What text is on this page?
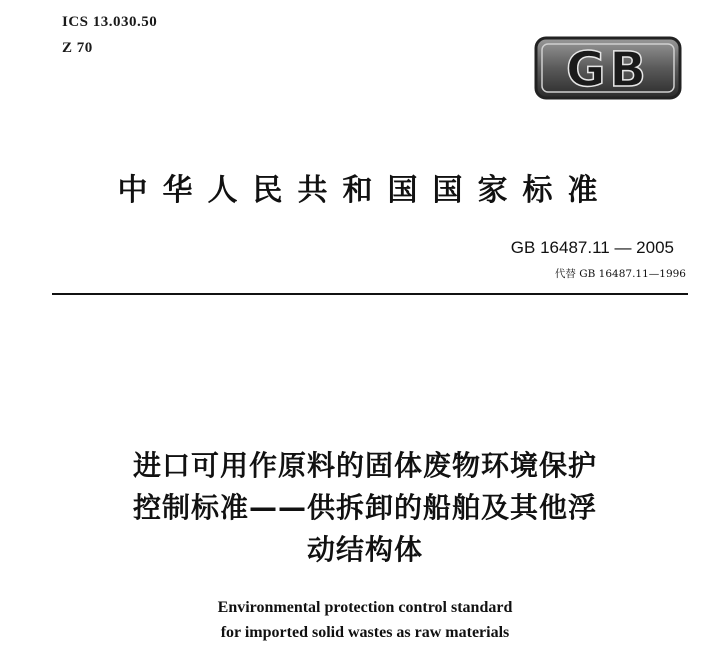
ICS 13.030.50
Z 70	GB
中华人民共和国国家标准
GB 16487.11 — 2005
代替 GB 16487.11—1996
进口可用作原料的固体废物环境保护
控制标准——供拆卸的船舶及其他浮
动结构体
Environmental protection control standard
for imported solid wastes as raw materials
